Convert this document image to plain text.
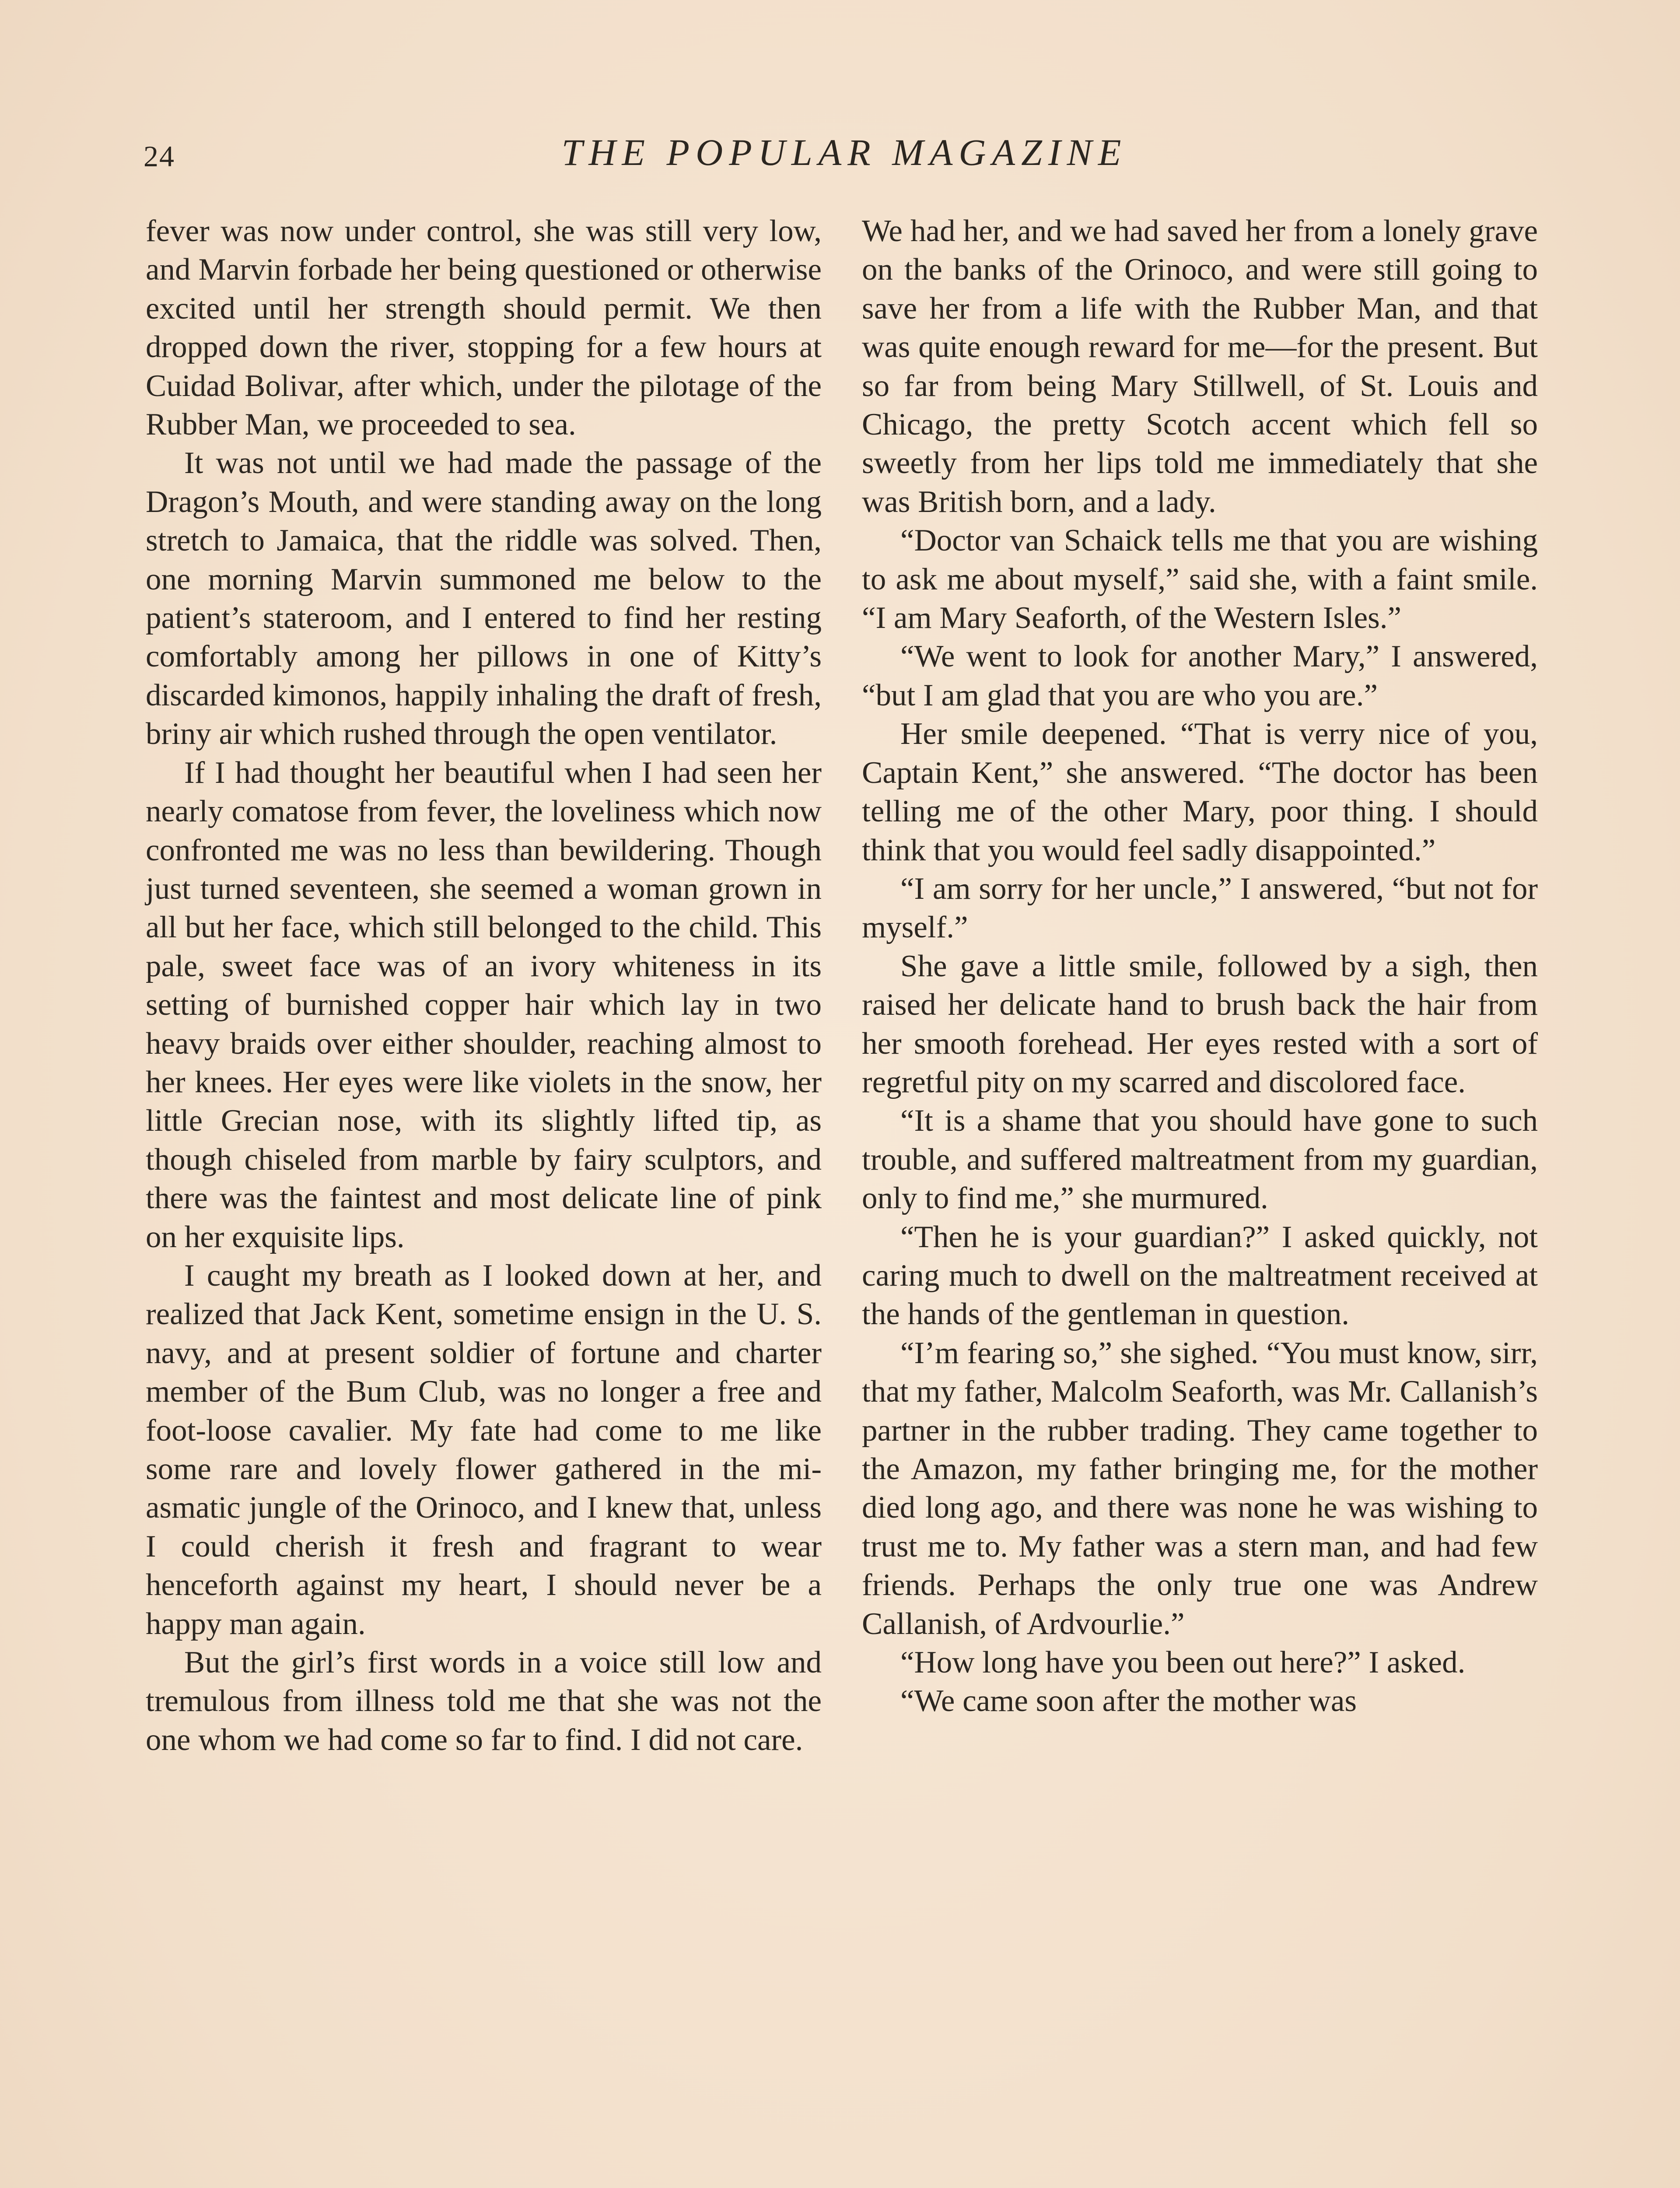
24	THE POPULAR MAGAZINE

fever was now under control, she was still very low, and Marvin forbade her being questioned or otherwise excited until her strength should permit. We then dropped down the river, stopping for a few hours at Cuidad Bolivar, after which, under the pilotage of the Rubber Man, we proceeded to sea.

It was not until we had made the passage of the Dragon’s Mouth, and were standing away on the long stretch to Jamaica, that the riddle was solved. Then, one morning Marvin summoned me below to the patient’s stateroom, and I entered to find her resting comfortably among her pillows in one of Kitty’s discarded kimonos, happily inhaling the draft of fresh, briny air which rushed through the open ventilator.

If I had thought her beautiful when I had seen her nearly comatose from fever, the loveliness which now confronted me was no less than bewildering. Though just turned seventeen, she seemed a woman grown in all but her face, which still belonged to the child. This pale, sweet face was of an ivory whiteness in its setting of burnished copper hair which lay in two heavy braids over either shoulder, reaching almost to her knees. Her eyes were like violets in the snow, her little Grecian nose, with its slightly lifted tip, as though chiseled from marble by fairy sculptors, and there was the faintest and most delicate line of pink on her exquisite lips.

I caught my breath as I looked down at her, and realized that Jack Kent, sometime ensign in the U. S. navy, and at present soldier of fortune and charter member of the Bum Club, was no longer a free and foot-loose cavalier. My fate had come to me like some rare and lovely flower gathered in the miasmatic jungle of the Orinoco, and I knew that, unless I could cherish it fresh and fragrant to wear henceforth against my heart, I should never be a happy man again.

But the girl’s first words in a voice still low and tremulous from illness told me that she was not the one whom we had come so far to find. I did not care.

We had her, and we had saved her from a lonely grave on the banks of the Orinoco, and were still going to save her from a life with the Rubber Man, and that was quite enough reward for me—for the present. But so far from being Mary Stillwell, of St. Louis and Chicago, the pretty Scotch accent which fell so sweetly from her lips told me immediately that she was British born, and a lady.

“Doctor van Schaick tells me that you are wishing to ask me about myself,” said she, with a faint smile. “I am Mary Seaforth, of the Western Isles.”

“We went to look for another Mary,” I answered, “but I am glad that you are who you are.”

Her smile deepened. “That is verry nice of you, Captain Kent,” she answered. “The doctor has been telling me of the other Mary, poor thing. I should think that you would feel sadly disappointed.”

“I am sorry for her uncle,” I answered, “but not for myself.”

She gave a little smile, followed by a sigh, then raised her delicate hand to brush back the hair from her smooth forehead. Her eyes rested with a sort of regretful pity on my scarred and discolored face.

“It is a shame that you should have gone to such trouble, and suffered maltreatment from my guardian, only to find me,” she murmured.

“Then he is your guardian?” I asked quickly, not caring much to dwell on the maltreatment received at the hands of the gentleman in question.

“I’m fearing so,” she sighed. “You must know, sirr, that my father, Malcolm Seaforth, was Mr. Callanish’s partner in the rubber trading. They came together to the Amazon, my father bringing me, for the mother died long ago, and there was none he was wishing to trust me to. My father was a stern man, and had few friends. Perhaps the only true one was Andrew Callanish, of Ardvourlie.”

“How long have you been out here?” I asked.

“We came soon after the mother was
